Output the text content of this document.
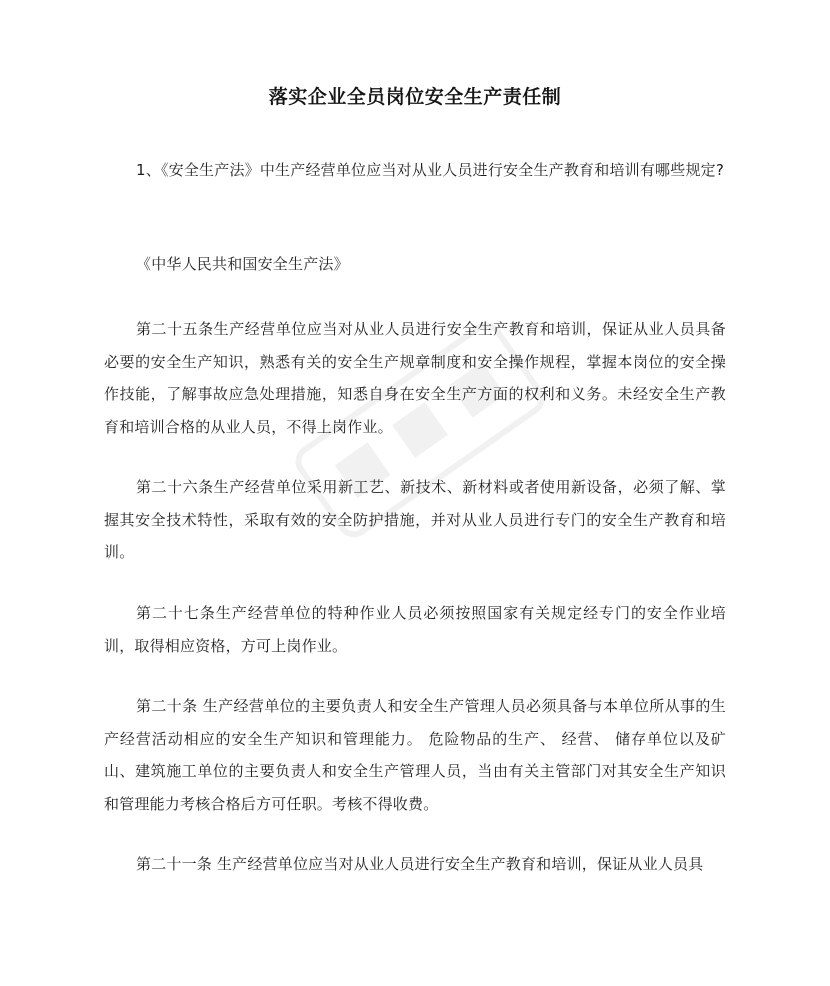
落实企业全员岗位安全生产责任制

1、《安全生产法》中生产经营单位应当对从业人员进行安全生产教育和培训有哪些规定?

《中华人民共和国安全生产法》

第二十五条生产经营单位应当对从业人员进行安全生产教育和培训，保证从业人员具备必要的安全生产知识，熟悉有关的安全生产规章制度和安全操作规程，掌握本岗位的安全操作技能，了解事故应急处理措施，知悉自身在安全生产方面的权利和义务。未经安全生产教育和培训合格的从业人员，不得上岗作业。

第二十六条生产经营单位采用新工艺、新技术、新材料或者使用新设备，必须了解、掌握其安全技术特性，采取有效的安全防护措施，并对从业人员进行专门的安全生产教育和培训。

第二十七条生产经营单位的特种作业人员必须按照国家有关规定经专门的安全作业培训，取得相应资格，方可上岗作业。

第二十条 生产经营单位的主要负责人和安全生产管理人员必须具备与本单位所从事的生产经营活动相应的安全生产知识和管理能力。 危险物品的生产、 经营、 储存单位以及矿山、建筑施工单位的主要负责人和安全生产管理人员，当由有关主管部门对其安全生产知识和管理能力考核合格后方可任职。考核不得收费。

第二十一条 生产经营单位应当对从业人员进行安全生产教育和培训，保证从业人员具
